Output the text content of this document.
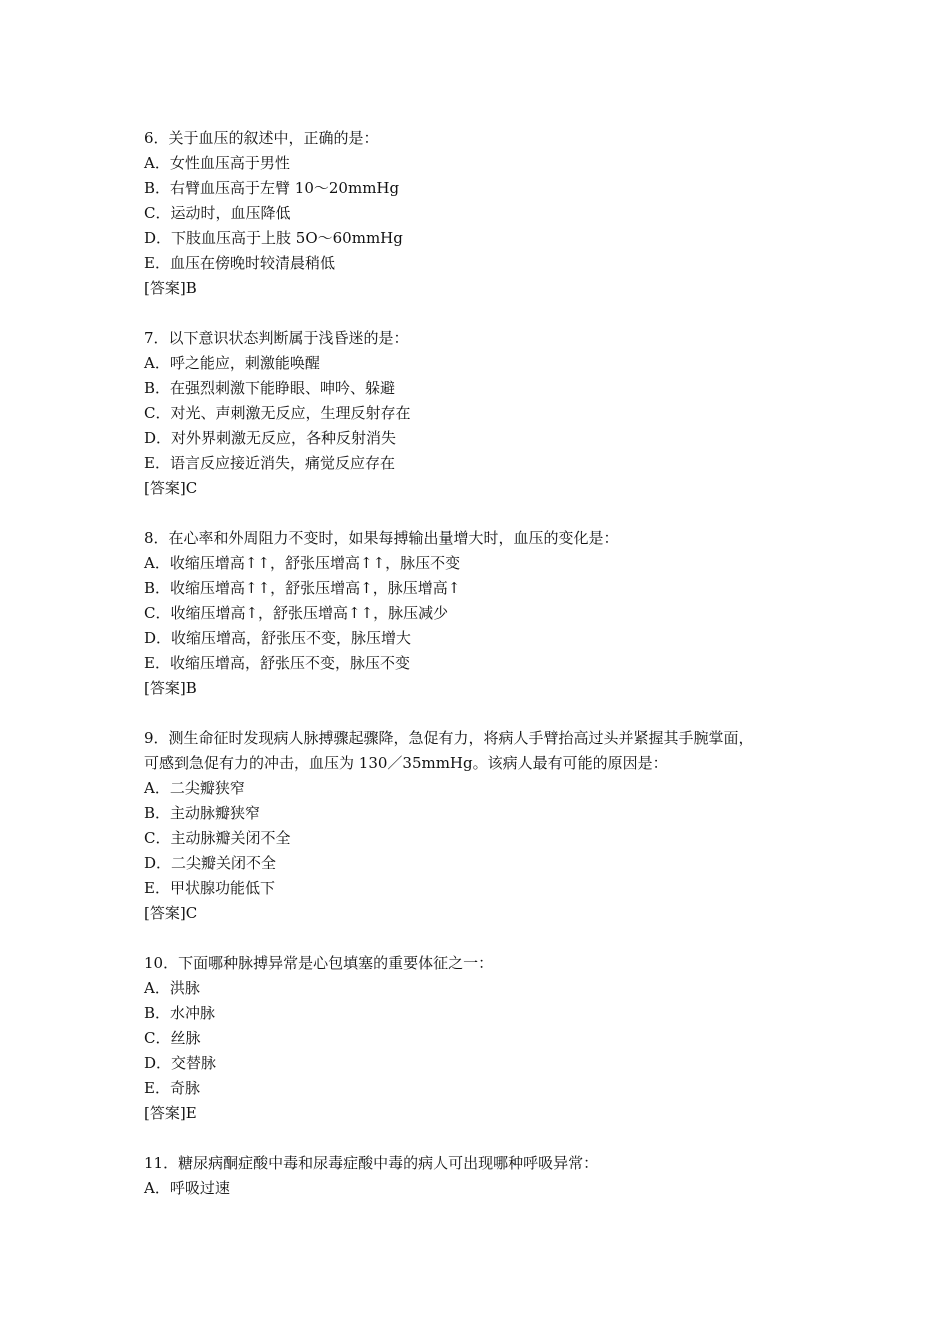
6．关于血压的叙述中，正确的是：
A．女性血压高于男性
B．右臂血压高于左臂 10～20mmHg
C．运动时，血压降低
D．下肢血压高于上肢 5O～60mmHg
E．血压在傍晚时较清晨稍低
[答案]B
7．以下意识状态判断属于浅昏迷的是：
A．呼之能应，刺激能唤醒
B．在强烈刺激下能睁眼、呻吟、躲避
C．对光、声刺激无反应，生理反射存在
D．对外界刺激无反应，各种反射消失
E．语言反应接近消失，痛觉反应存在
[答案]C
8．在心率和外周阻力不变时，如果每搏输出量增大时，血压的变化是：
A．收缩压增高↑↑，舒张压增高↑↑，脉压不变
B．收缩压增高↑↑，舒张压增高↑，脉压增高↑
C．收缩压增高↑，舒张压增高↑↑，脉压减少
D．收缩压增高，舒张压不变，脉压增大
E．收缩压增高，舒张压不变，脉压不变
[答案]B
9．测生命征时发现病人脉搏骤起骤降，急促有力，将病人手臂抬高过头并紧握其手腕掌面，
可感到急促有力的冲击，血压为 130／35mmHg。该病人最有可能的原因是：
A．二尖瓣狭窄
B．主动脉瓣狭窄
C．主动脉瓣关闭不全
D．二尖瓣关闭不全
E．甲状腺功能低下
[答案]C
10．下面哪种脉搏异常是心包填塞的重要体征之一：
A．洪脉
B．水冲脉
C．丝脉
D．交替脉
E．奇脉
[答案]E
11．糖尿病酮症酸中毒和尿毒症酸中毒的病人可出现哪种呼吸异常：
A．呼吸过速
